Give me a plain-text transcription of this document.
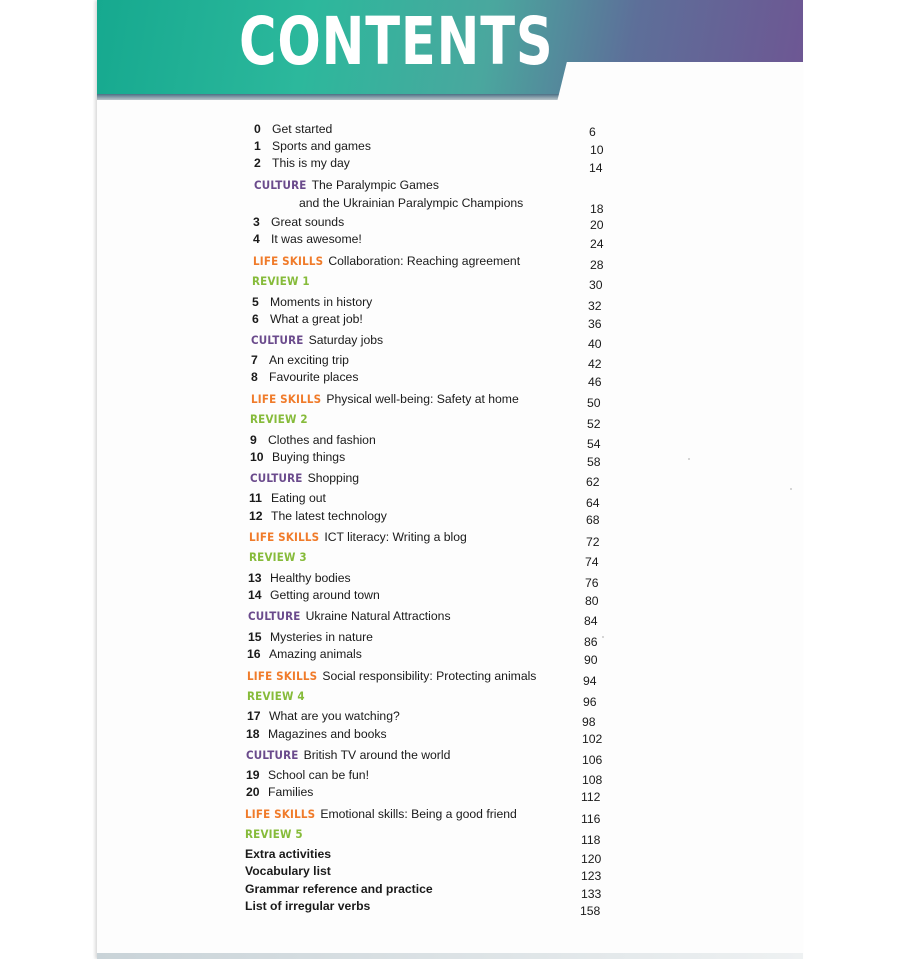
CONTENTS
0 Get started	6
1 Sports and games	10
2 This is my day	14
CULTURE The Paralympic Games
and the Ukrainian Paralympic Champions	18
3 Great sounds	20
4 It was awesome!	24
LIFE SKILLS Collaboration: Reaching agreement	28
REVIEW 1	30
5 Moments in history	32
6 What a great job!	36
CULTURE Saturday jobs	40
7 An exciting trip	42
8 Favourite places	46
LIFE SKILLS Physical well-being: Safety at home	50
REVIEW 2	52
9 Clothes and fashion	54
10 Buying things	58
CULTURE Shopping	62
11 Eating out	64
12 The latest technology	68
LIFE SKILLS ICT literacy: Writing a blog	72
REVIEW 3	74
13 Healthy bodies	76
14 Getting around town	80
CULTURE Ukraine Natural Attractions	84
15 Mysteries in nature	86
16 Amazing animals	90
LIFE SKILLS Social responsibility: Protecting animals	94
REVIEW 4	96
17 What are you watching?	98
18 Magazines and books	102
CULTURE British TV around the world	106
19 School can be fun!	108
20 Families	112
LIFE SKILLS Emotional skills: Being a good friend	116
REVIEW 5	118
Extra activities	120
Vocabulary list	123
Grammar reference and practice	133
List of irregular verbs	158
